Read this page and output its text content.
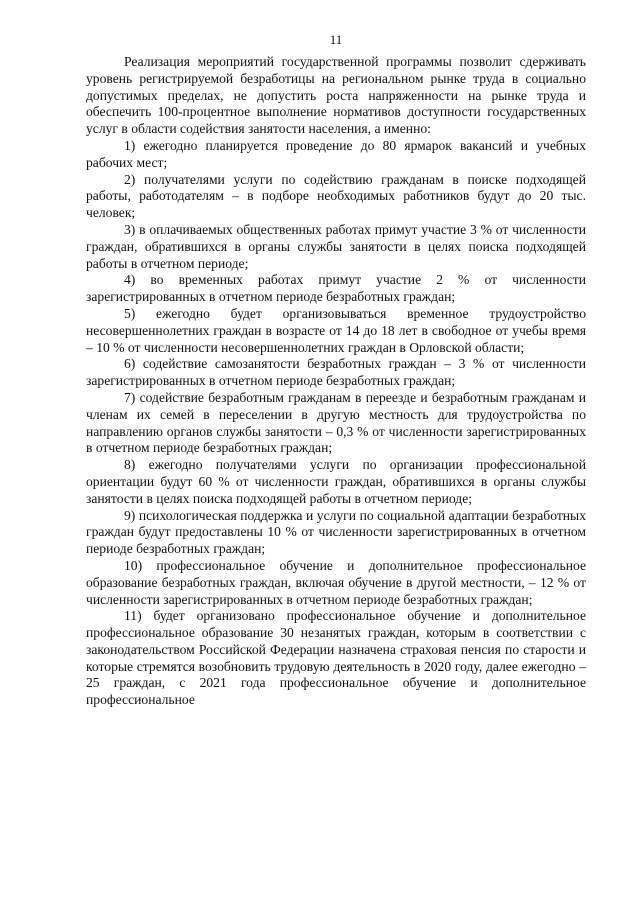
11

Реализация мероприятий государственной программы позволит сдерживать уровень регистрируемой безработицы на региональном рынке труда в социально допустимых пределах, не допустить роста напряженности на рынке труда и обеспечить 100-процентное выполнение нормативов доступности государственных услуг в области содействия занятости населения, а именно:

1) ежегодно планируется проведение до 80 ярмарок вакансий и учебных рабочих мест;

2) получателями услуги по содействию гражданам в поиске подходящей работы, работодателям – в подборе необходимых работников будут до 20 тыс. человек;

3) в оплачиваемых общественных работах примут участие 3 % от численности граждан, обратившихся в органы службы занятости в целях поиска подходящей работы в отчетном периоде;

4) во временных работах примут участие 2 % от численности зарегистрированных в отчетном периоде безработных граждан;

5) ежегодно будет организовываться временное трудоустройство несовершеннолетних граждан в возрасте от 14 до 18 лет в свободное от учебы время – 10 % от численности несовершеннолетних граждан в Орловской области;

6) содействие самозанятости безработных граждан – 3 % от численности зарегистрированных в отчетном периоде безработных граждан;

7) содействие безработным гражданам в переезде и безработным гражданам и членам их семей в переселении в другую местность для трудоустройства по направлению органов службы занятости – 0,3 % от численности зарегистрированных в отчетном периоде безработных граждан;

8) ежегодно получателями услуги по организации профессиональной ориентации будут 60 % от численности граждан, обратившихся в органы службы занятости в целях поиска подходящей работы в отчетном периоде;

9) психологическая поддержка и услуги по социальной адаптации безработных граждан будут предоставлены 10 % от численности зарегистрированных в отчетном периоде безработных граждан;

10) профессиональное обучение и дополнительное профессиональное образование безработных граждан, включая обучение в другой местности, – 12 % от численности зарегистрированных в отчетном периоде безработных граждан;

11) будет организовано профессиональное обучение и дополнительное профессиональное образование 30 незанятых граждан, которым в соответствии с законодательством Российской Федерации назначена страховая пенсия по старости и которые стремятся возобновить трудовую деятельность в 2020 году, далее ежегодно – 25 граждан, с 2021 года профессиональное обучение и дополнительное профессиональное
